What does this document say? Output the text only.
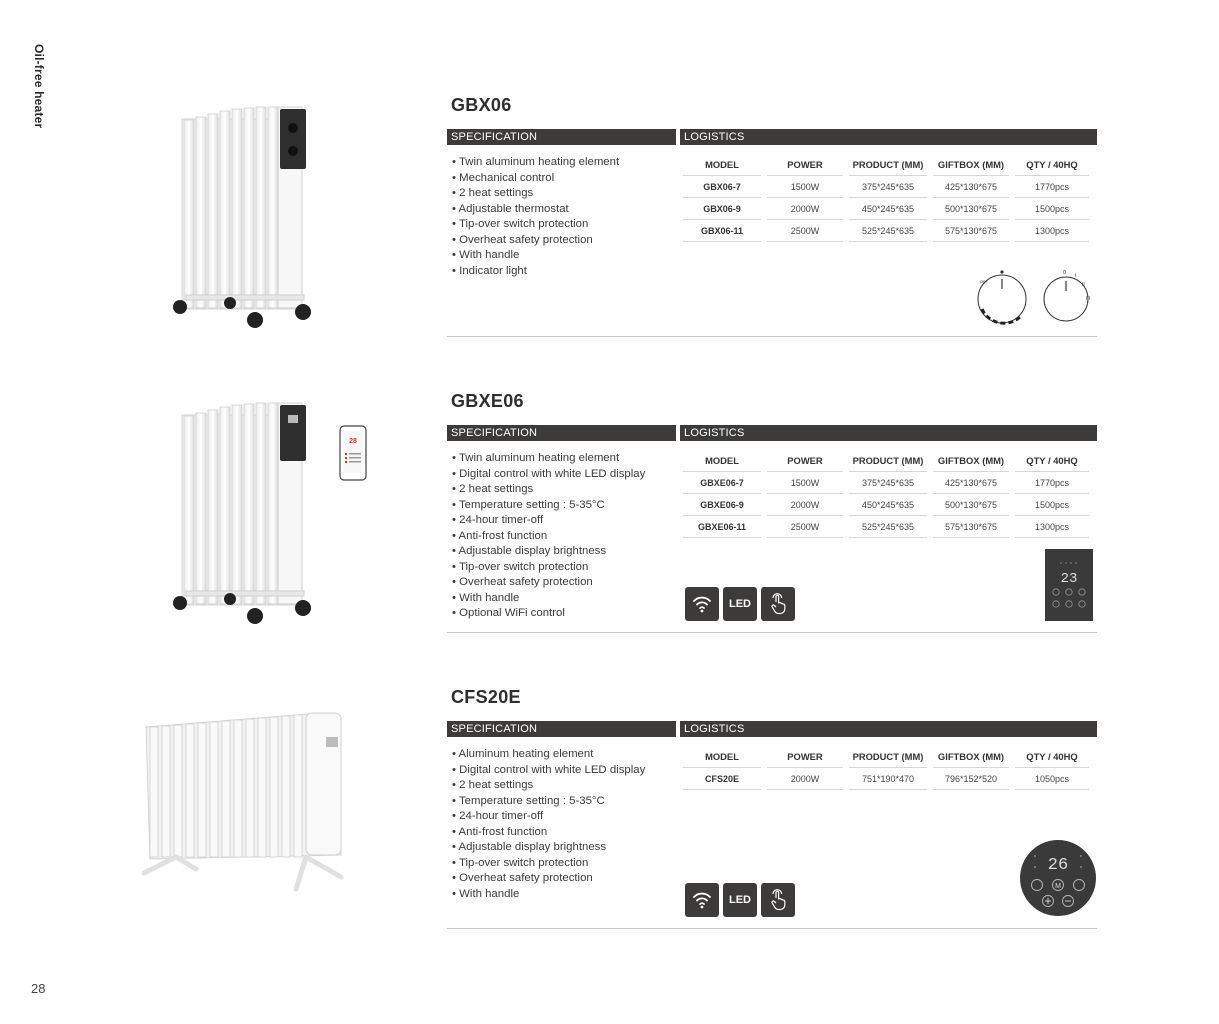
Oil-free heater
28
GBX06
SPECIFICATION	LOGISTICS
• Twin aluminum heating element
• Mechanical control
• 2 heat settings
• Adjustable thermostat
• Tip-over switch protection
• Overheat safety protection
• With handle
• Indicator light
MODEL		POWER		PRODUCT (MM)		GIFTBOX (MM)		QTY / 40HQ
GBX06-7		1500W		375*245*635		425*130*675		1770pcs
GBX06-9		2000W		450*245*635		500*130*675		1500pcs
GBX06-11		2500W		525*245*635		575*130*675		1300pcs
OFF
0 I
II
III
28
GBXE06
SPECIFICATION	LOGISTICS
• Twin aluminum heating element
• Digital control with white LED display
• 2 heat settings
• Temperature setting : 5-35°C
• 24-hour timer-off
• Anti-frost function
• Adjustable display brightness
• Tip-over switch protection
• Overheat safety protection
• With handle
• Optional WiFi control
MODEL		POWER		PRODUCT (MM)		GIFTBOX (MM)		QTY / 40HQ
GBXE06-7		1500W		375*245*635		425*130*675		1770pcs
GBXE06-9		2000W		450*245*635		500*130*675		1500pcs
GBXE06-11		2500W		525*245*635		575*130*675		1300pcs
LED
23
CFS20E
SPECIFICATION	LOGISTICS
• Aluminum heating element
• Digital control with white LED display
• 2 heat settings
• Temperature setting : 5-35°C
• 24-hour timer-off
• Anti-frost function
• Adjustable display brightness
• Tip-over switch protection
• Overheat safety protection
• With handle
MODEL		POWER		PRODUCT (MM)		GIFTBOX (MM)		QTY / 40HQ
CFS20E		2000W		751*190*470		796*152*520		1050pcs
LED
26
M
